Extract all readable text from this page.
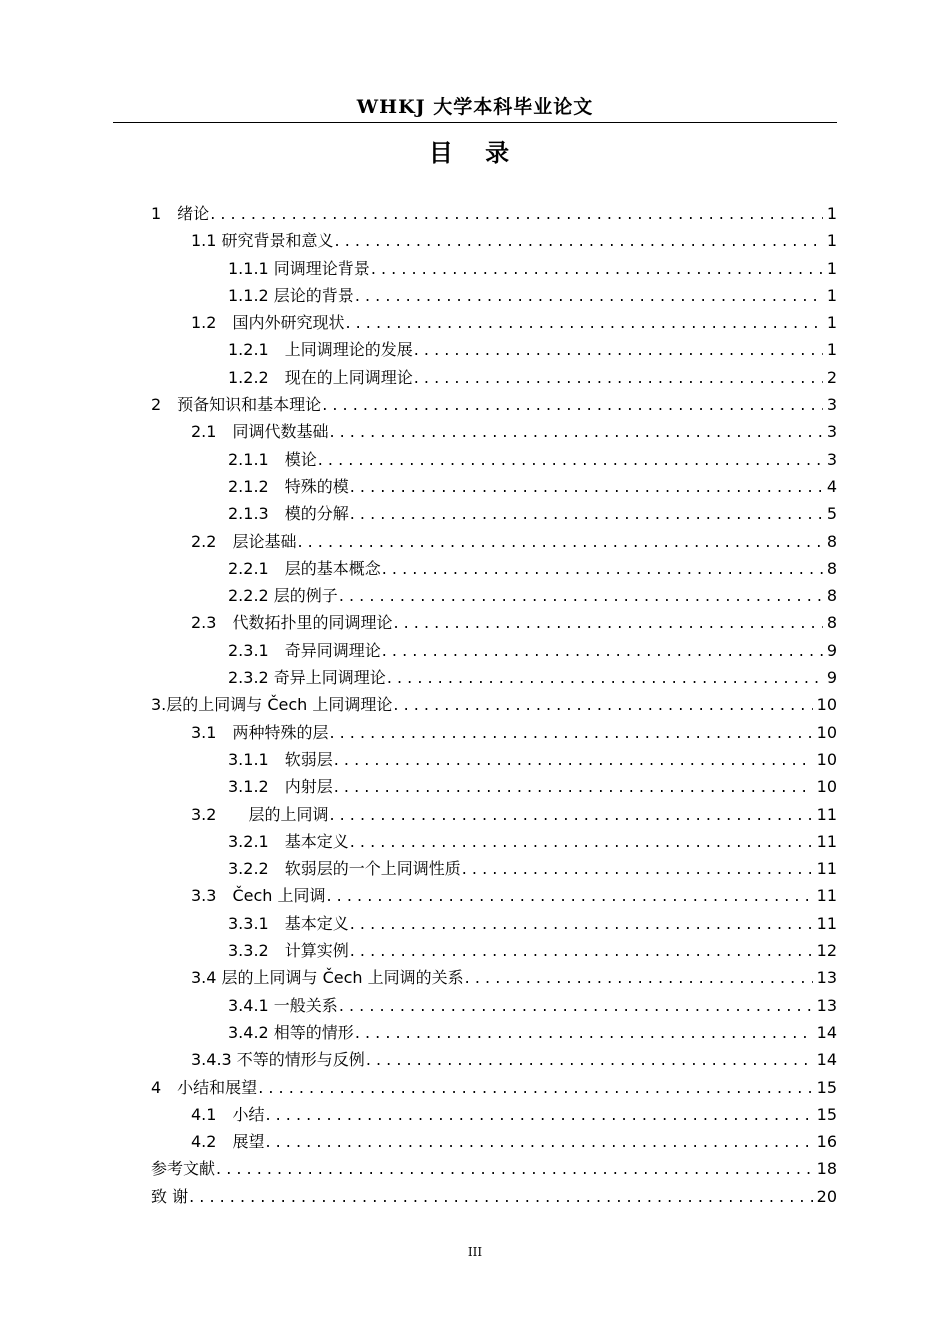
WHKJ 大学本科毕业论文
目 录
1　绪论 . . .	1
1.1 研究背景和意义 . . .	1
1.1.1 同调理论背景 . . .	1
1.1.2 层论的背景 . . .	1
1.2　国内外研究现状 . . .	1
1.2.1　上同调理论的发展 . . .	1
1.2.2　现在的上同调理论 . . .	2
2　预备知识和基本理论 . . .	3
2.1　同调代数基础 . . .	3
2.1.1　模论 . . .	3
2.1.2　特殊的模 . . .	4
2.1.3　模的分解 . . .	5
2.2　层论基础 . . .	8
2.2.1　层的基本概念 . . .	8
2.2.2 层的例子 . . .	8
2.3　代数拓扑里的同调理论 . . .	8
2.3.1　奇异同调理论 . . .	9
2.3.2 奇异上同调理论 . . .	9
3.层的上同调与 Čech 上同调理论 . . .	10
3.1　两种特殊的层 . . .	10
3.1.1　软弱层 . . .	10
3.1.2　内射层 . . .	10
3.2　　层的上同调 . . .	11
3.2.1　基本定义 . . .	11
3.2.2　软弱层的一个上同调性质 . . .	11
3.3　Čech 上同调 . . .	11
3.3.1　基本定义 . . .	11
3.3.2　计算实例 . . .	12
3.4 层的上同调与 Čech 上同调的关系 . . .	13
3.4.1 一般关系 . . .	13
3.4.2 相等的情形 . . .	14
3.4.3 不等的情形与反例 . . .	14
4　小结和展望 . . .	15
4.1　小结 . . .	15
4.2　展望 . . .	16
参考文献 . . .	18
致 谢 . . .	20
III
